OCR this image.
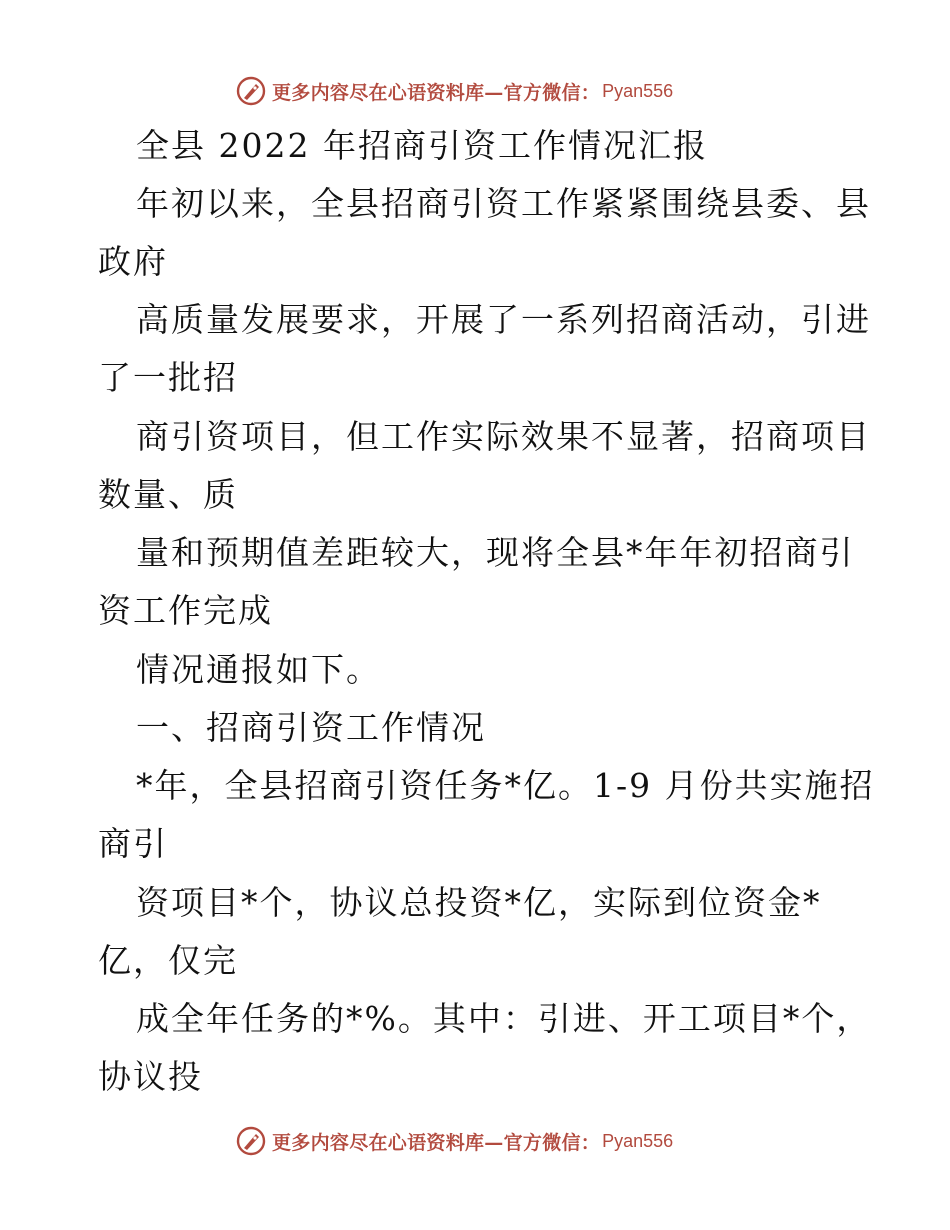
更多内容尽在心语资料库—官方微信： Pyan556
全县 2022 年招商引资工作情况汇报
年初以来，全县招商引资工作紧紧围绕县委、县
政府
高质量发展要求，开展了一系列招商活动，引进
了一批招
商引资项目，但工作实际效果不显著，招商项目
数量、质
量和预期值差距较大，现将全县*年年初招商引
资工作完成
情况通报如下。
一、招商引资工作情况
*年，全县招商引资任务*亿。1-9 月份共实施招
商引
资项目*个，协议总投资*亿，实际到位资金*
亿，仅完
成全年任务的*%。其中：引进、开工项目*个，
协议投
更多内容尽在心语资料库—官方微信： Pyan556
